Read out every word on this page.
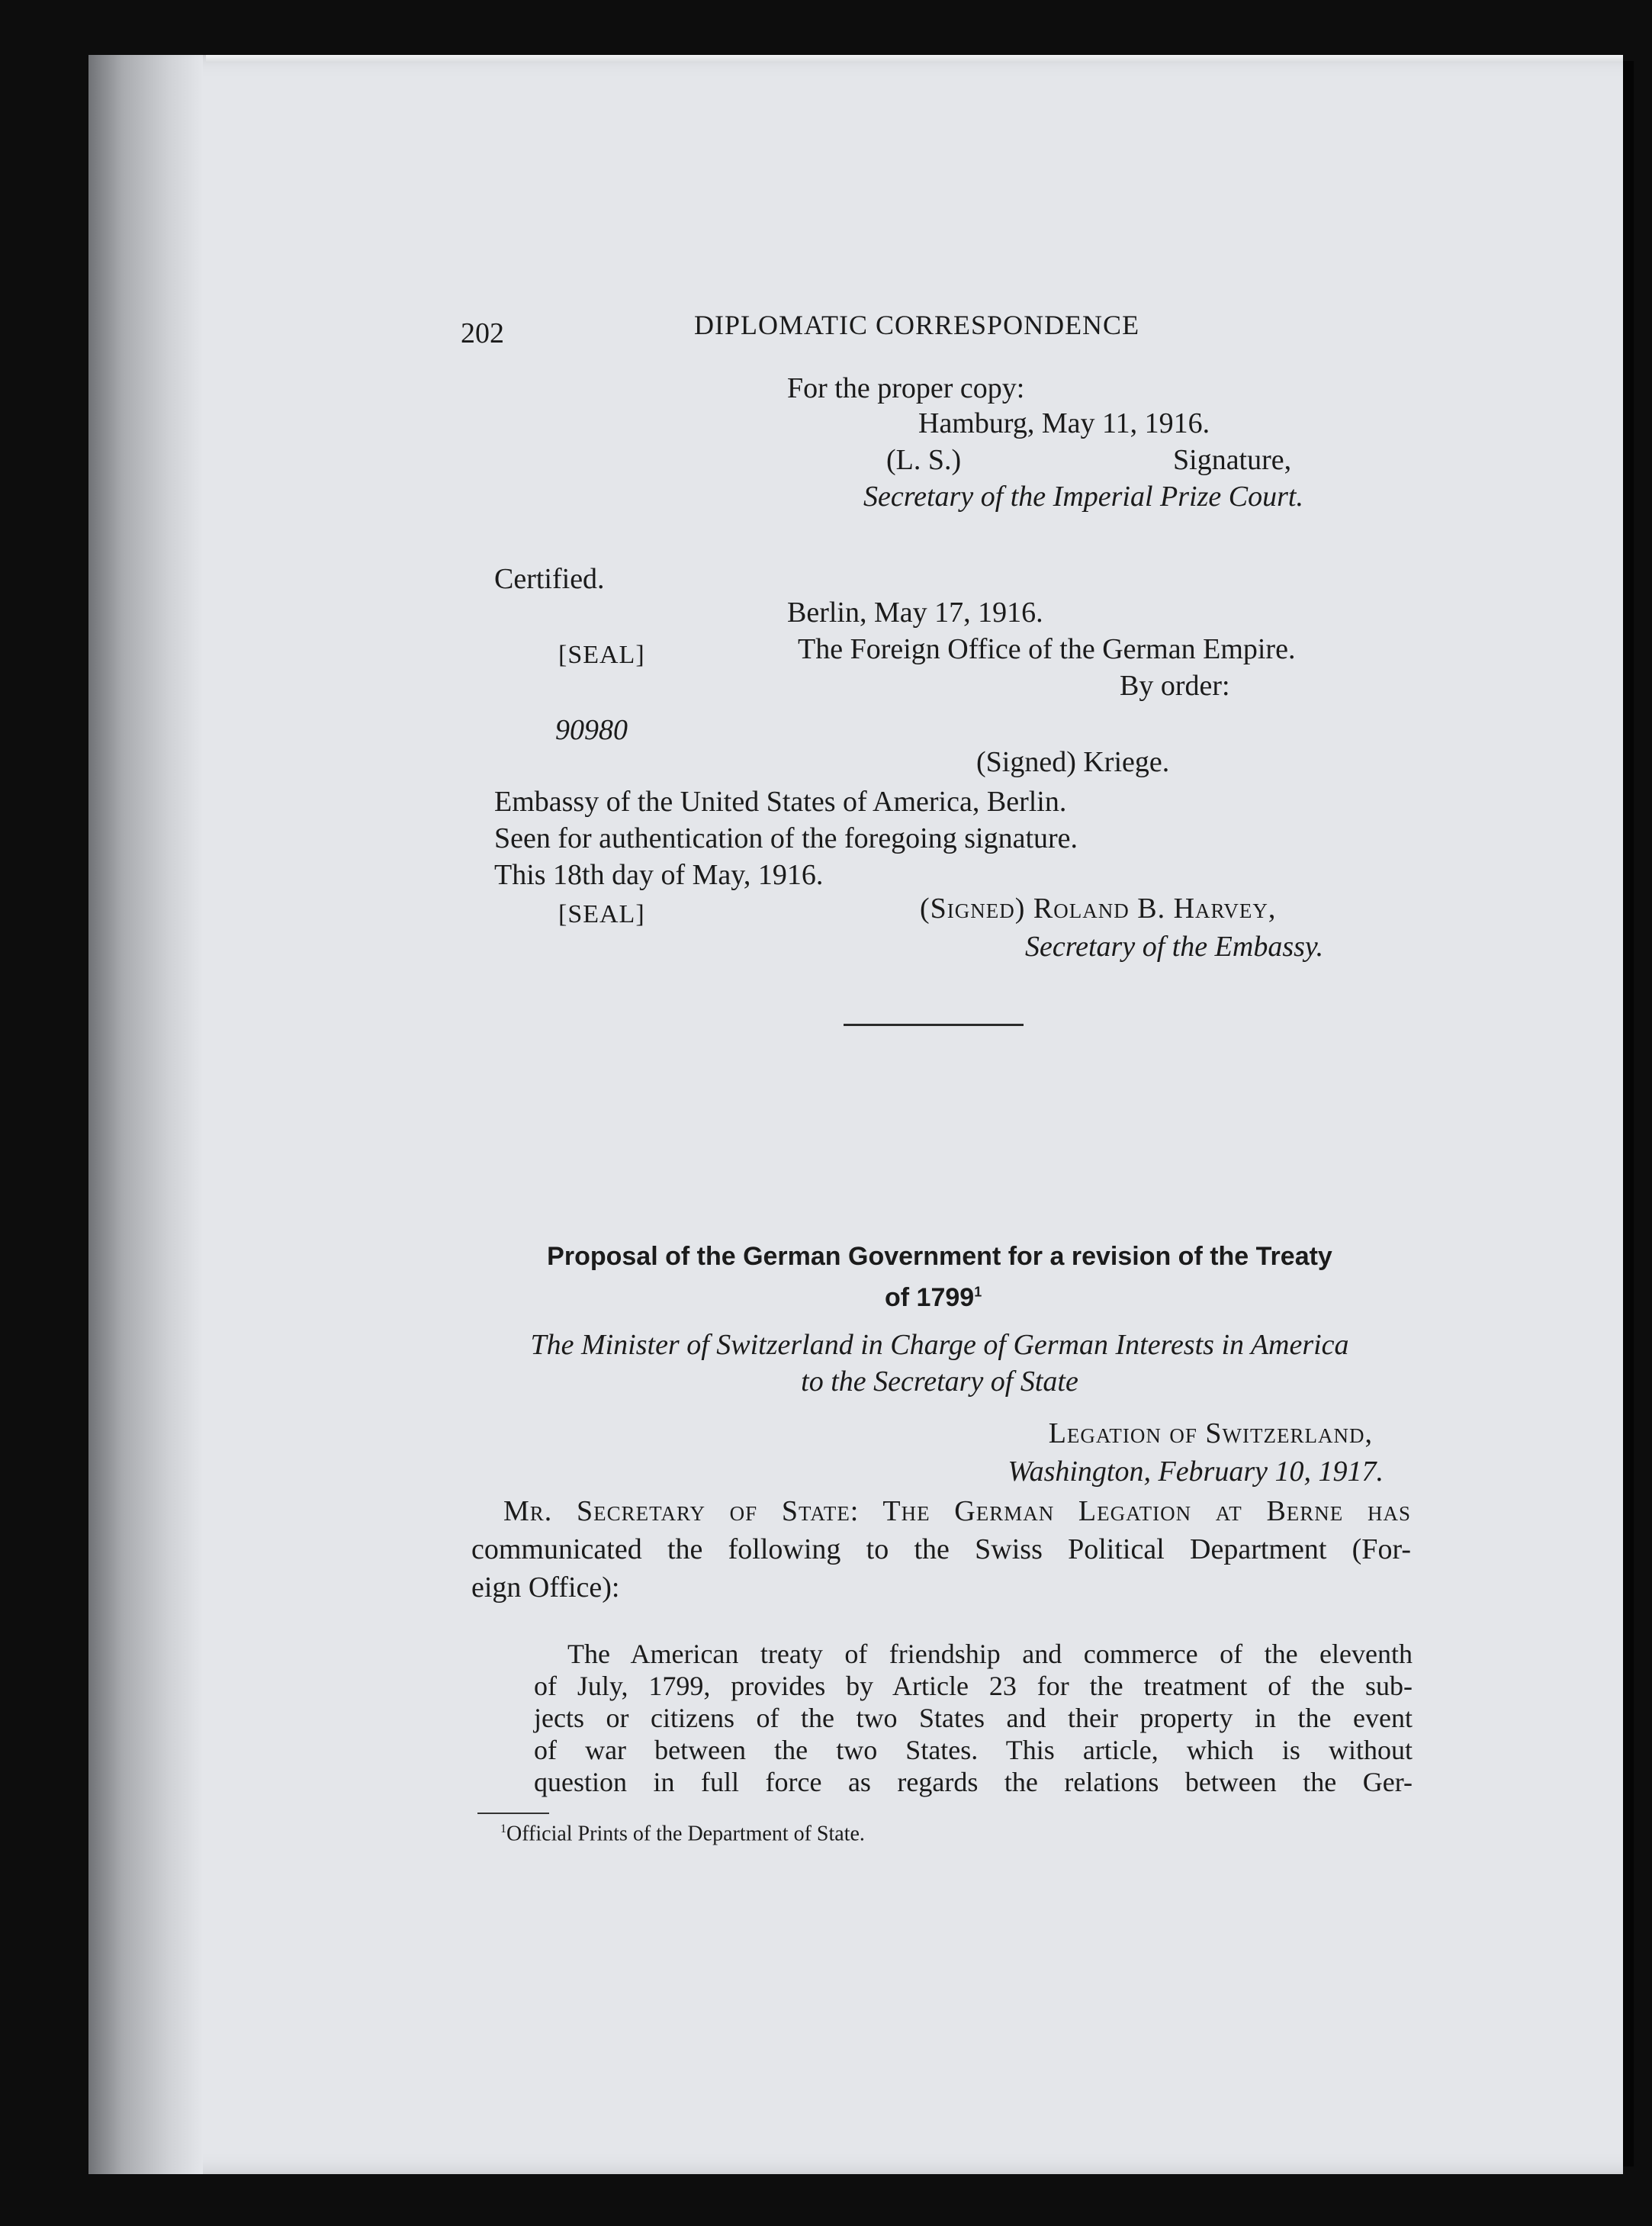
202	DIPLOMATIC CORRESPONDENCE
For the proper copy:
Hamburg, May 11, 1916.
(L. S.)	Signature,
Secretary of the Imperial Prize Court.
Certified.
Berlin, May 17, 1916.
[SEAL]	The Foreign Office of the German Empire.
By order:
90980
(Signed) Kriege.
Embassy of the United States of America, Berlin.
Seen for authentication of the foregoing signature.
This 18th day of May, 1916.
[SEAL]	(Signed) Roland B. Harvey,
Secretary of the Embassy.
Proposal of the German Government for a revision of the Treaty
of 1799$^1$
The Minister of Switzerland in Charge of German Interests in America
to the Secretary of State
Legation of Switzerland,
Washington, February 10, 1917.
Mr. Secretary of State: The German Legation at Berne has
communicated the following to the Swiss Political Department (For-
eign Office):
The American treaty of friendship and commerce of the eleventh
of July, 1799, provides by Article 23 for the treatment of the sub-
jects or citizens of the two States and their property in the event
of war between the two States. This article, which is without
question in full force as regards the relations between the Ger-
$^1$Official Prints of the Department of State.
